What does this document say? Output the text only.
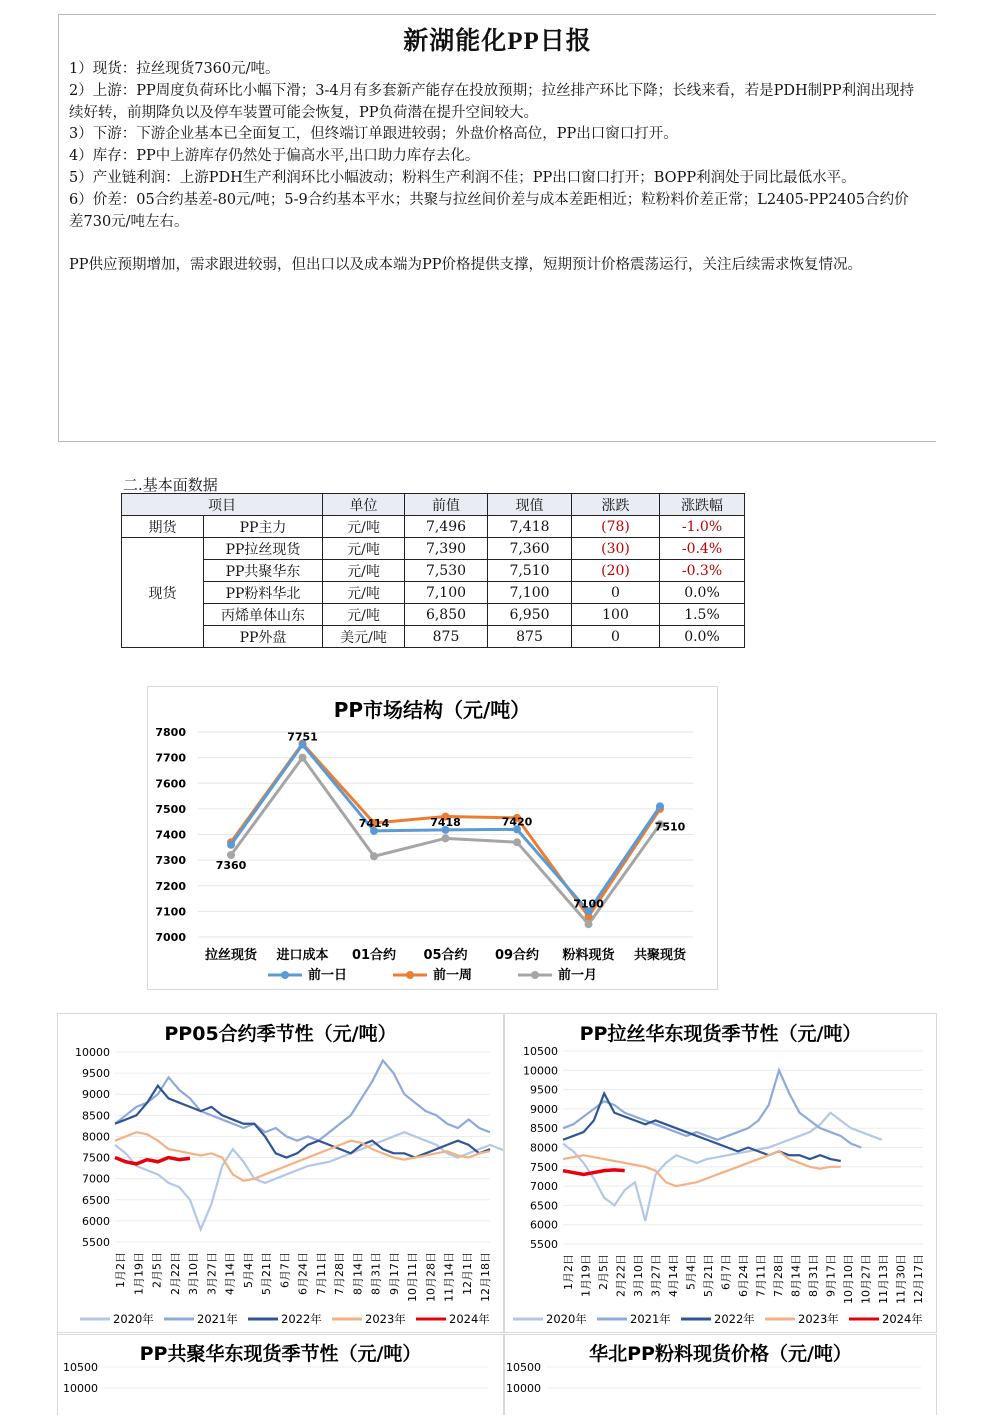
新湖能化PP日报

1）现货：拉丝现货7360元/吨。

2）上游：PP周度负荷环比小幅下滑；3-4月有多套新产能存在投放预期；拉丝排产环比下降；长线来看，若是PDH制PP利润出现持续好转，前期降负以及停车装置可能会恢复，PP负荷潜在提升空间较大。

3）下游：下游企业基本已全面复工，但终端订单跟进较弱；外盘价格高位，PP出口窗口打开。

4）库存：PP中上游库存仍然处于偏高水平,出口助力库存去化。

5）产业链利润：上游PDH生产利润环比小幅波动；粉料生产利润不佳；PP出口窗口打开；BOPP利润处于同比最低水平。

6）价差：05合约基差-80元/吨；5-9合约基本平水；共聚与拉丝间价差与成本差距相近；粒粉料价差正常；L2405-PP2405合约价差730元/吨左右。

PP供应预期增加，需求跟进较弱，但出口以及成本端为PP价格提供支撑，短期预计价格震荡运行，关注后续需求恢复情况。

二.基本面数据
项目		单位	前值	现值	涨跌	涨跌幅
期货	PP主力	元/吨	7,496	7,418	(78)	-1.0%
现货	PP拉丝现货	元/吨	7,390	7,360	(30)	-0.4%
	PP共聚华东	元/吨	7,530	7,510	(20)	-0.3%
	PP粉料华北	元/吨	7,100	7,100	0	0.0%
	丙烯单体山东	元/吨	6,850	6,950	100	1.5%
	PP外盘	美元/吨	875	875	0	0.0%
PP市场结构（元/吨）
7000
7100
7200
7300
7400
7500
7600
7700
7800
拉丝现货 进口成本 01合约 05合约 09合约 粉料现货 共聚现货
7360
7751
7414	7418	7420
7100
7510
前一日	前一周	前一月
PP05合约季节性（元/吨）
5500
6000
6500
7000
7500
8000
8500
9000
9500
10000
1月2日 1月19日 2月5日 2月22日 3月10日 3月27日 4月14日 5月4日 5月21日 6月7日 6月24日 7月11日 7月28日 8月14日 8月31日 9月17日 10月11日 10月28日 11月14日 12月1日 12月18日
2020年	2021年	2022年	2023年	2024年
PP拉丝华东现货季节性（元/吨）
5500
6000
6500
7000
7500
8000
8500
9000
9500
10000
10500
1月2日 1月19日 2月5日 2月22日 3月10日 3月27日 4月14日 5月4日 5月21日 6月7日 6月24日 7月11日 7月28日 8月14日 8月31日 9月17日 10月10日 10月27日 11月13日 11月30日 12月17日
2020年	2021年	2022年	2023年	2024年
PP共聚华东现货季节性（元/吨）
10000
10500
华北PP粉料现货价格（元/吨）
10000
10500
